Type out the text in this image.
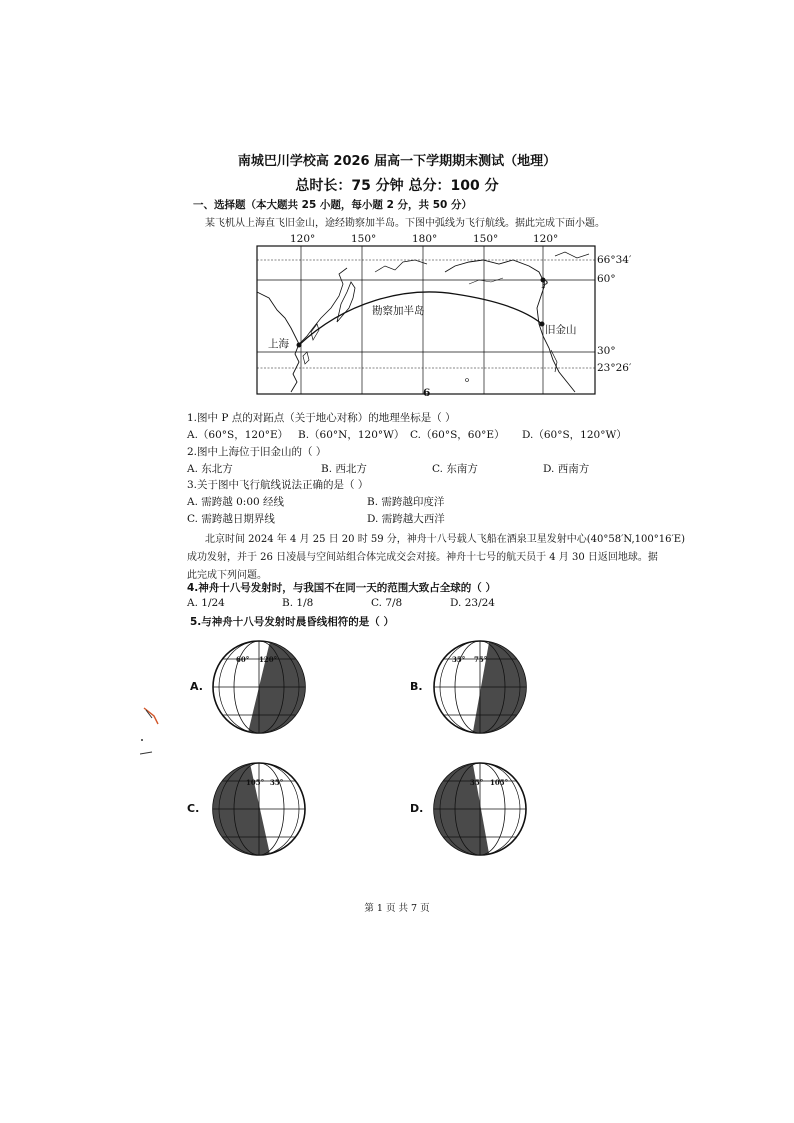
南城巴川学校高 2026 届高一下学期期末测试（地理）
总时长：75 分钟 总分：100 分
一、选择题（本大题共 25 小题，每小题 2 分，共 50 分）
某飞机从上海直飞旧金山，途经勘察加半岛。下图中弧线为飞行航线。据此完成下面小题。
120°	150°	180°	150°	120°
66°34′
60°
30°
23°26′
6
上海
勘察加半岛
旧金山
P
1.图中 P 点的对跖点（关于地心对称）的地理坐标是（ ）
A.（60°S，120°E） B.（60°N，120°W） C.（60°S，60°E） D.（60°S，120°W）
2.图中上海位于旧金山的（ ）
A. 东北方	B. 西北方	C. 东南方	D. 西南方
3.关于图中飞行航线说法正确的是（ ）
A. 需跨越 0:00 经线	B. 需跨越印度洋
C. 需跨越日期界线	D. 需跨越大西洋
北京时间 2024 年 4 月 25 日 20 时 59 分，神舟十八号载人飞船在酒泉卫星发射中心(40°58′N,100°16′E)
成功发射，并于 26 日凌晨与空间站组合体完成交会对接。神舟十七号的航天员于 4 月 30 日返回地球。据
此完成下列问题。
4.神舟十八号发射时，与我国不在同一天的范围大致占全球的（ ）
A. 1/24	B. 1/8	C. 7/8	D. 23/24
5.与神舟十八号发射时晨昏线相符的是（ ）
A.
60° 120°
B.
35° 75°
C.
105° 35°
D.
35° 105°
第 1 页 共 7 页
